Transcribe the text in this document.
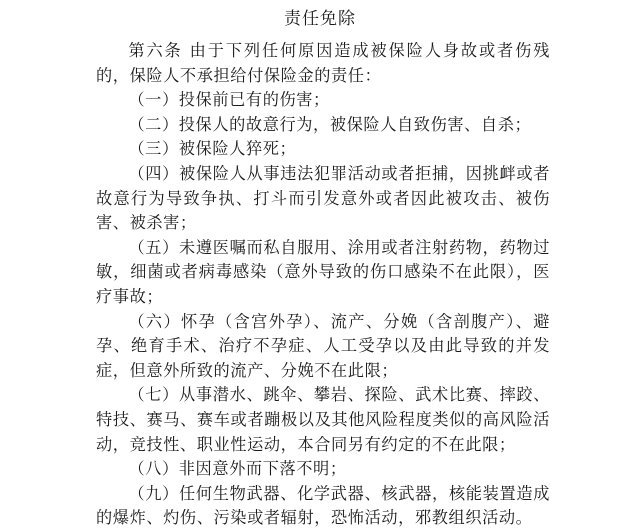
责任免除

第六条 由于下列任何原因造成被保险人身故或者伤残的，保险人不承担给付保险金的责任：

（一）投保前已有的伤害；

（二）投保人的故意行为，被保险人自致伤害、自杀；

（三）被保险人猝死；

（四）被保险人从事违法犯罪活动或者拒捕，因挑衅或者故意行为导致争执、打斗而引发意外或者因此被攻击、被伤害、被杀害；

（五）未遵医嘱而私自服用、涂用或者注射药物，药物过敏，细菌或者病毒感染（意外导致的伤口感染不在此限），医疗事故；

（六）怀孕（含宫外孕）、流产、分娩（含剖腹产）、避孕、绝育手术、治疗不孕症、人工受孕以及由此导致的并发症，但意外所致的流产、分娩不在此限；

（七）从事潜水、跳伞、攀岩、探险、武术比赛、摔跤、特技、赛马、赛车或者蹦极以及其他风险程度类似的高风险活动，竞技性、职业性运动，本合同另有约定的不在此限；

（八）非因意外而下落不明；

（九）任何生物武器、化学武器、核武器，核能装置造成的爆炸、灼伤、污染或者辐射，恐怖活动，邪教组织活动。
